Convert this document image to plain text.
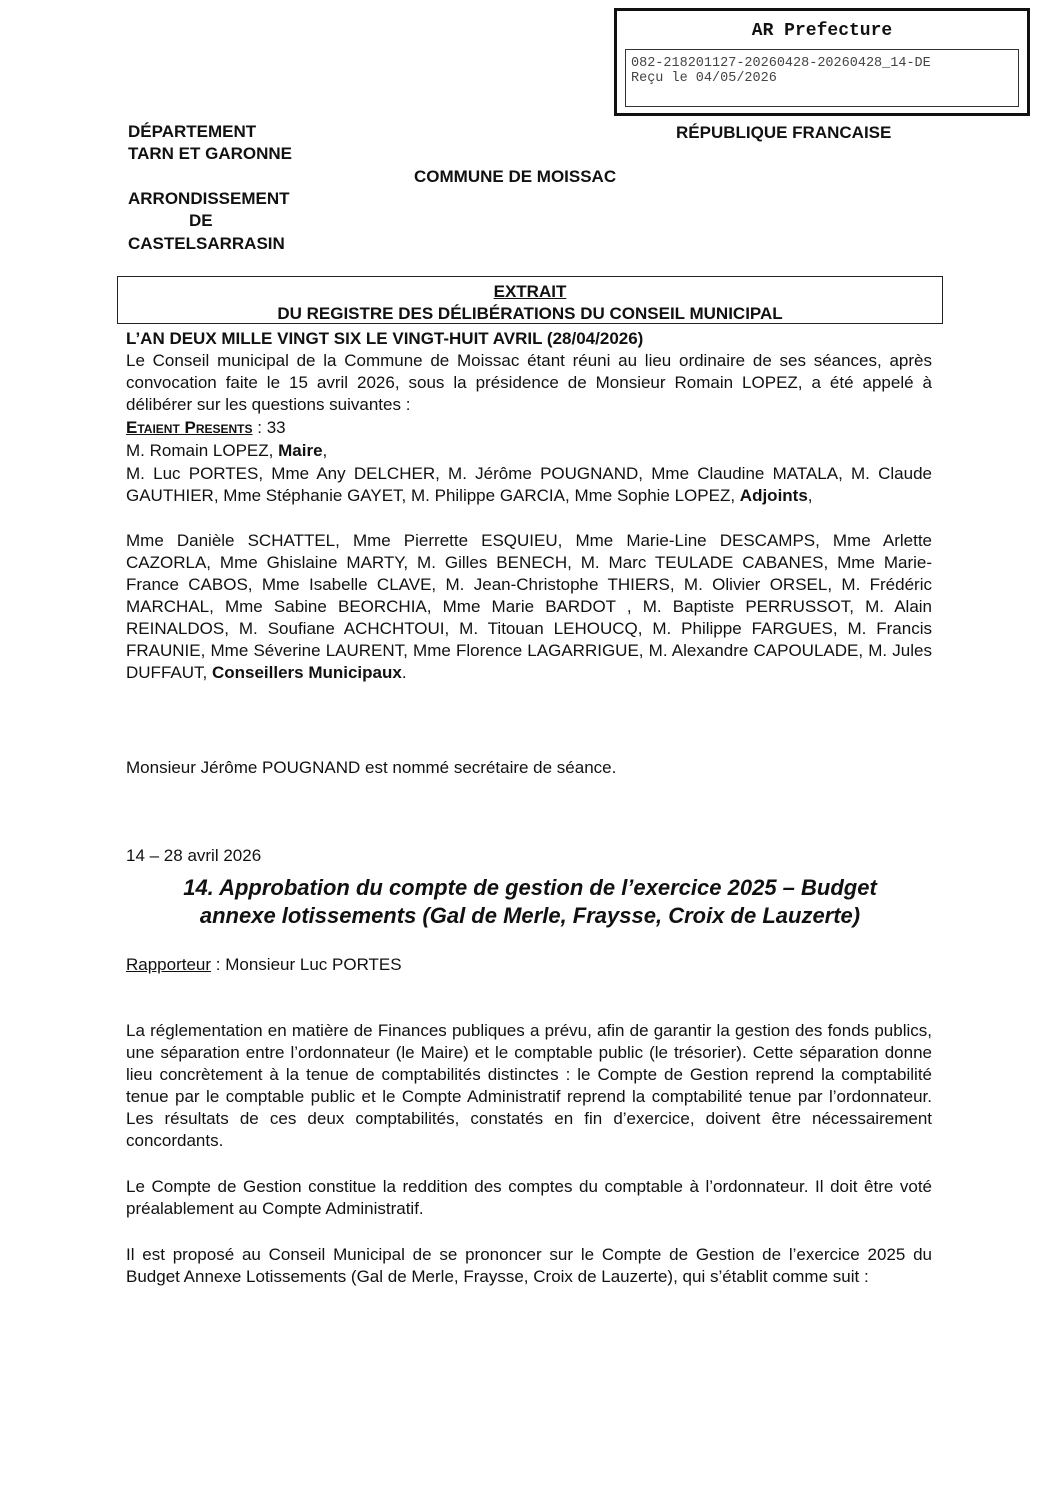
AR Prefecture
082-218201127-20260428-20260428_14-DE
Reçu le 04/05/2026
DÉPARTEMENT
TARN ET GARONNE
ARRONDISSEMENT
DE
CASTELSARRASIN
RÉPUBLIQUE FRANCAISE
COMMUNE DE MOISSAC
EXTRAIT
DU REGISTRE DES DÉLIBÉRATIONS DU CONSEIL MUNICIPAL
L’AN DEUX MILLE VINGT SIX LE VINGT-HUIT AVRIL (28/04/2026)
Le Conseil municipal de la Commune de Moissac étant réuni au lieu ordinaire de ses séances, après convocation faite le 15 avril 2026, sous la présidence de Monsieur Romain LOPEZ, a été appelé à délibérer sur les questions suivantes :
Etaient Presents : 33
M. Romain LOPEZ, Maire,
M. Luc PORTES, Mme Any DELCHER, M. Jérôme POUGNAND, Mme Claudine MATALA, M. Claude GAUTHIER, Mme Stéphanie GAYET, M. Philippe GARCIA, Mme Sophie LOPEZ, Adjoints,
Mme Danièle SCHATTEL, Mme Pierrette ESQUIEU, Mme Marie-Line DESCAMPS, Mme Arlette CAZORLA, Mme Ghislaine MARTY, M. Gilles BENECH, M. Marc TEULADE CABANES, Mme Marie-France CABOS, Mme Isabelle CLAVE, M. Jean-Christophe THIERS, M. Olivier ORSEL, M. Frédéric MARCHAL, Mme Sabine BEORCHIA, Mme Marie BARDOT , M. Baptiste PERRUSSOT, M. Alain REINALDOS, M. Soufiane ACHCHTOUI, M. Titouan LEHOUCQ, M. Philippe FARGUES, M. Francis FRAUNIE, Mme Séverine LAURENT, Mme Florence LAGARRIGUE, M. Alexandre CAPOULADE, M. Jules DUFFAUT, Conseillers Municipaux.
Monsieur Jérôme POUGNAND est nommé secrétaire de séance.
14 – 28 avril 2026
14. Approbation du compte de gestion de l’exercice 2025 – Budget
annexe lotissements (Gal de Merle, Fraysse, Croix de Lauzerte)
Rapporteur : Monsieur Luc PORTES
La réglementation en matière de Finances publiques a prévu, afin de garantir la gestion des fonds publics, une séparation entre l’ordonnateur (le Maire) et le comptable public (le trésorier). Cette séparation donne lieu concrètement à la tenue de comptabilités distinctes : le Compte de Gestion reprend la comptabilité tenue par le comptable public et le Compte Administratif reprend la comptabilité tenue par l’ordonnateur. Les résultats de ces deux comptabilités, constatés en fin d’exercice, doivent être nécessairement concordants.
Le Compte de Gestion constitue la reddition des comptes du comptable à l’ordonnateur. Il doit être voté préalablement au Compte Administratif.
Il est proposé au Conseil Municipal de se prononcer sur le Compte de Gestion de l’exercice 2025 du Budget Annexe Lotissements (Gal de Merle, Fraysse, Croix de Lauzerte), qui s’établit comme suit :
